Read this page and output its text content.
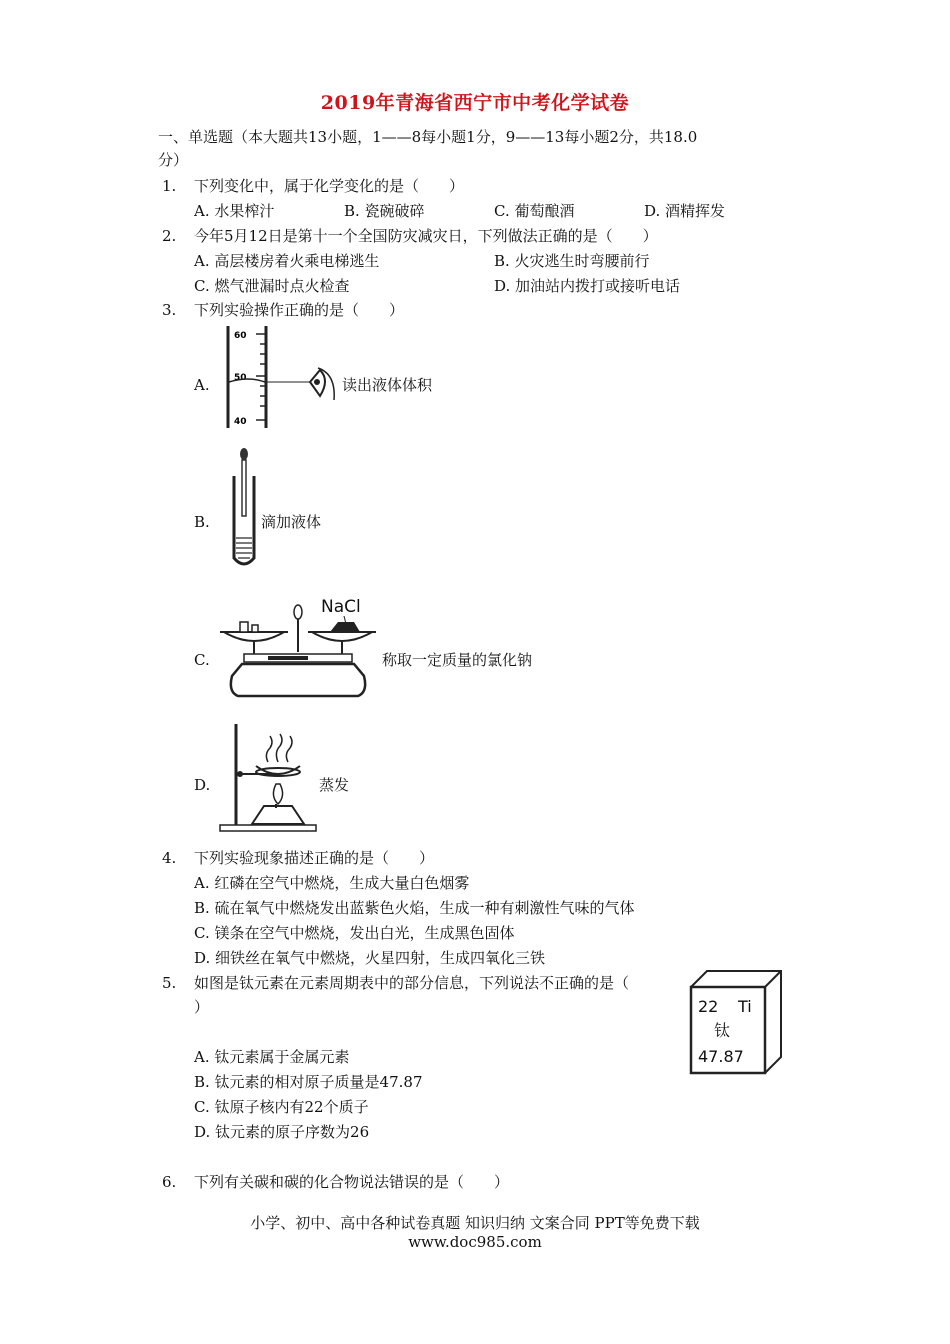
2019年青海省西宁市中考化学试卷
一、单选题（本大题共13小题，1——8每小题1分，9——13每小题2分，共18.0
分）
1. 下列变化中，属于化学变化的是（　　）
A. 水果榨汁	B. 瓷碗破碎	C. 葡萄酿酒	D. 酒精挥发
2. 今年5月12日是第十一个全国防灾减灾日，下列做法正确的是（　　）
A. 高层楼房着火乘电梯逃生	B. 火灾逃生时弯腰前行
C. 燃气泄漏时点火检查	D. 加油站内拨打或接听电话
3. 下列实验操作正确的是（　　）
A.
60
50
40
读出液体体积
B.	滴加液体
C.
NaCl
称取一定质量的氯化钠
D.	蒸发
4. 下列实验现象描述正确的是（　　）
A. 红磷在空气中燃烧，生成大量白色烟雾
B. 硫在氧气中燃烧发出蓝紫色火焰，生成一种有刺激性气味的气体
C. 镁条在空气中燃烧，发出白光，生成黑色固体
D. 细铁丝在氧气中燃烧，火星四射，生成四氧化三铁
5. 如图是钛元素在元素周期表中的部分信息，下列说法不正确的是（
）
A. 钛元素属于金属元素
B. 钛元素的相对原子质量是47.87
C. 钛原子核内有22个质子
D. 钛元素的原子序数为26
22 Ti
钛
47.87
6. 下列有关碳和碳的化合物说法错误的是（　　）
小学、初中、高中各种试卷真题 知识归纳 文案合同 PPT等免费下载
www.doc985.com
